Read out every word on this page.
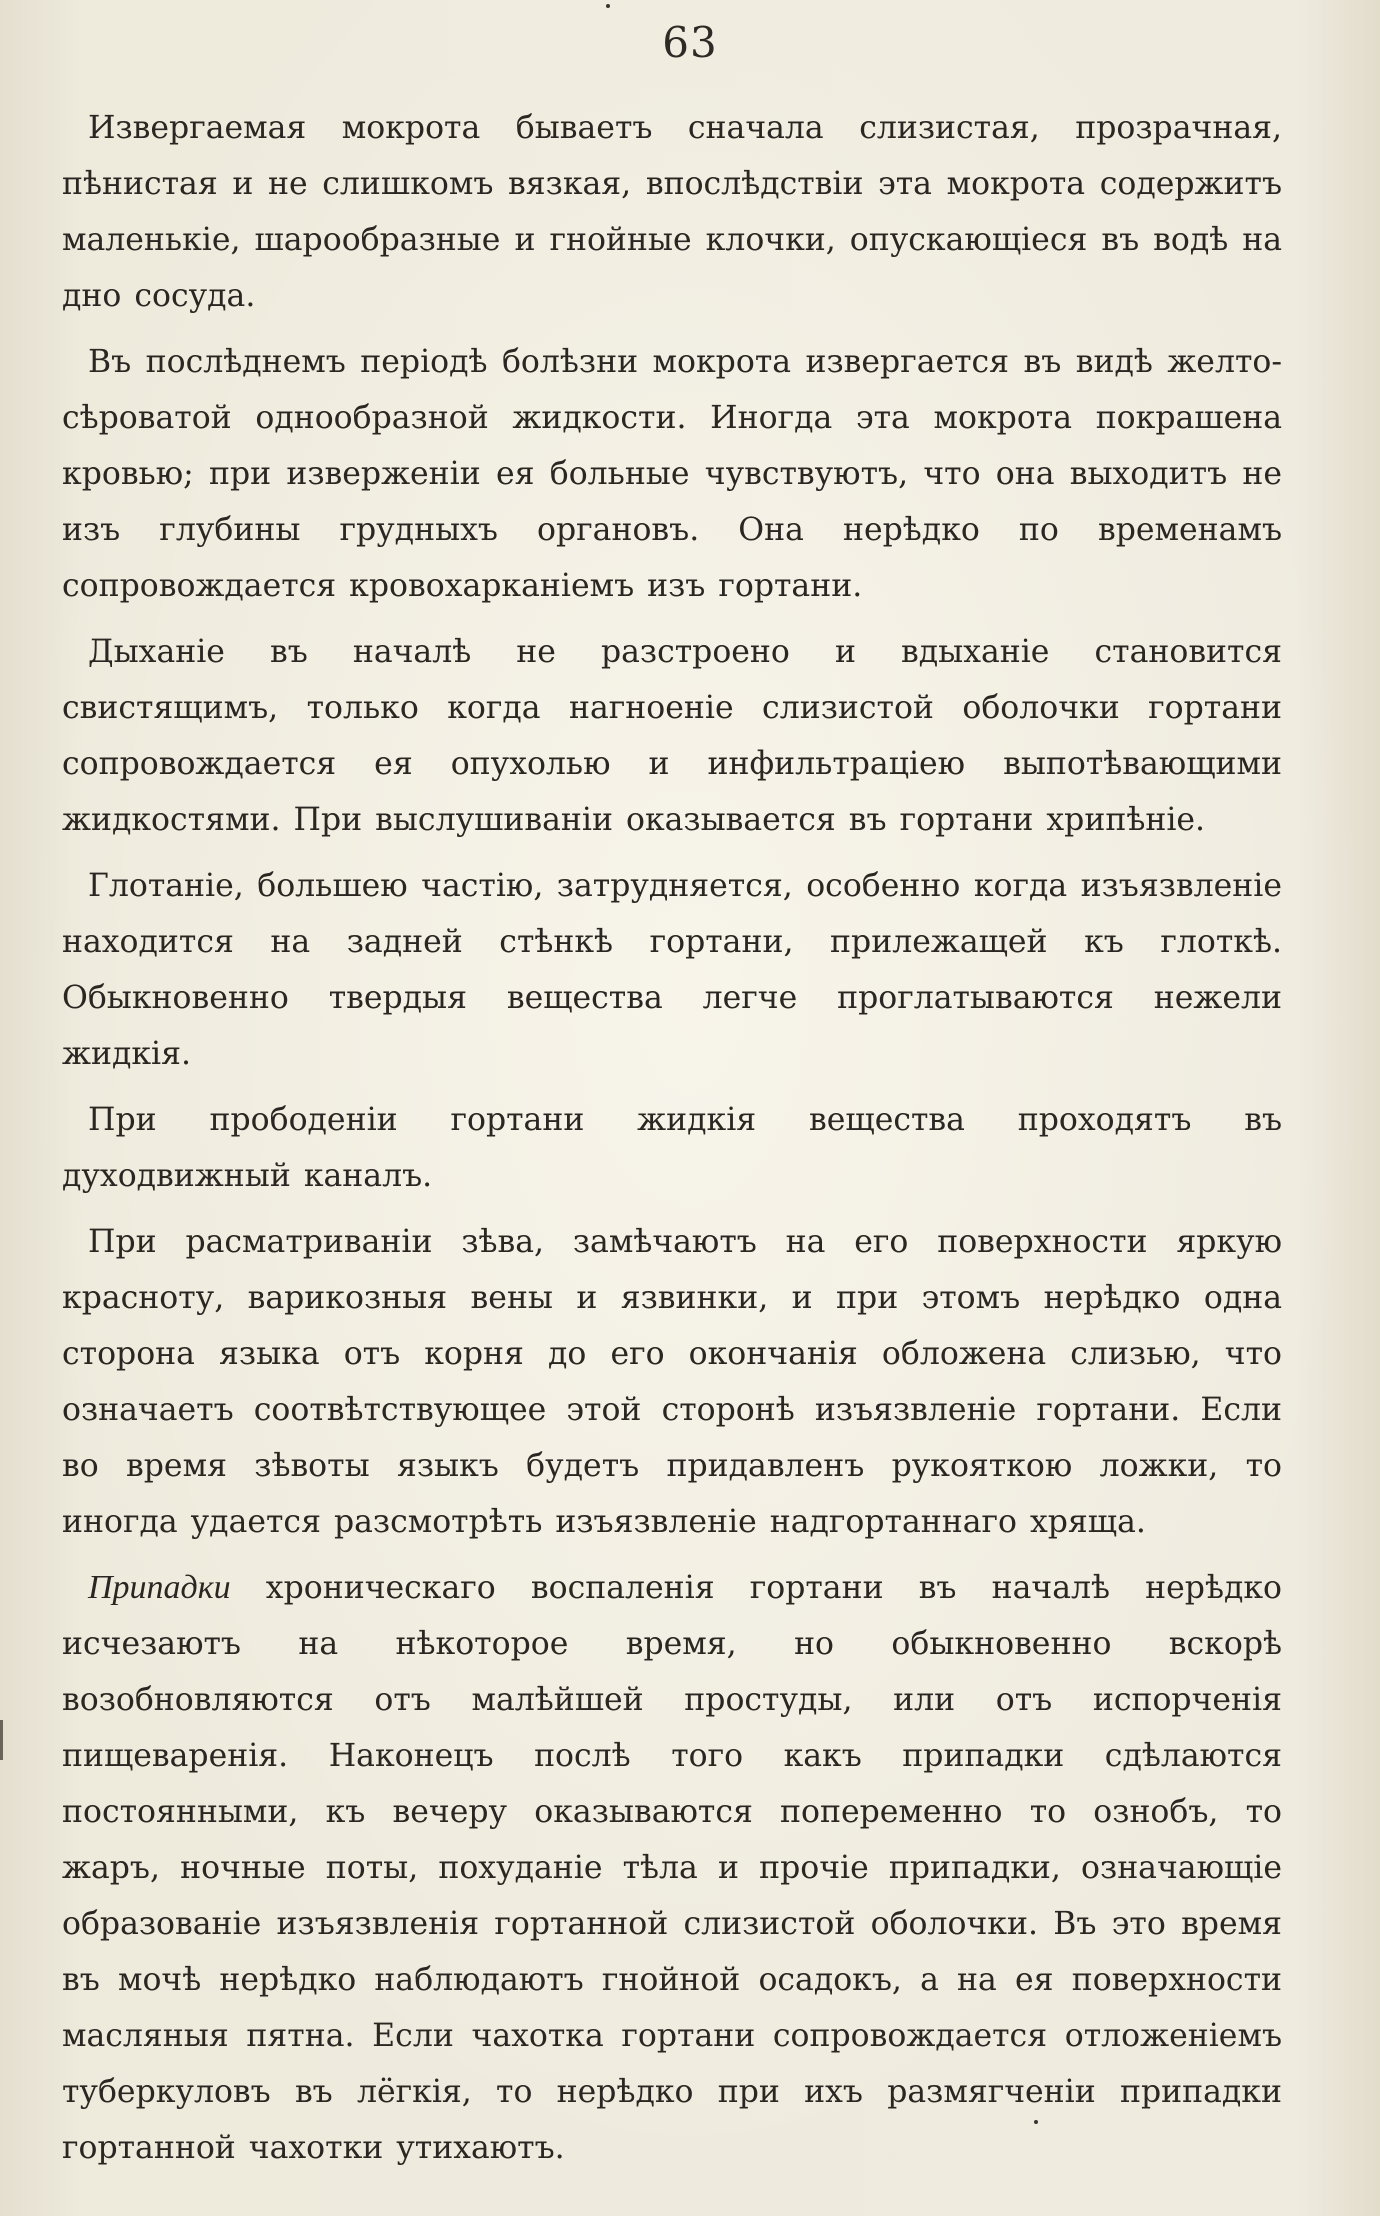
63

Извергаемая мокрота бываетъ сначала слизистая, прозрачная, пѣнистая и не слишкомъ вязкая, впослѣдствіи эта мокрота содержитъ маленькіе, шарообразные и гнойные клочки, опускающіеся въ водѣ на дно сосуда.

Въ послѣднемъ періодѣ болѣзни мокрота извергается въ видѣ желто-сѣроватой однообразной жидкости. Иногда эта мокрота покрашена кровью; при изверженіи ея больные чувствуютъ, что она выходитъ не изъ глубины грудныхъ органовъ. Она нерѣдко по временамъ сопровождается кровохарканіемъ изъ гортани.

Дыханіе въ началѣ не разстроено и вдыханіе становится свистящимъ, только когда нагноеніе слизистой оболочки гортани сопровождается ея опухолью и инфильтраціею выпотѣвающими жидкостями. При выслушиваніи оказывается въ гортани хрипѣніе.

Глотаніе, большею частію, затрудняется, особенно когда изъязвленіе находится на задней стѣнкѣ гортани, прилежащей къ глоткѣ. Обыкновенно твердыя вещества легче проглатываются нежели жидкія.

При прободеніи гортани жидкія вещества проходятъ въ духодвижный каналъ.

При расматриваніи зѣва, замѣчаютъ на его поверхности яркую красноту, варикозныя вены и язвинки, и при этомъ нерѣдко одна сторона языка отъ корня до его окончанія обложена слизью, что означаетъ соотвѣтствующее этой сторонѣ изъязвленіе гортани. Если во время зѣвоты языкъ будетъ придавленъ рукояткою ложки, то иногда удается разсмотрѣть изъязвленіе надгортаннаго хряща.

Припадки хроническаго воспаленія гортани въ началѣ нерѣдко исчезаютъ на нѣкоторое время, но обыкновенно вскорѣ возобновляются отъ малѣйшей простуды, или отъ испорченія пищеваренія. Наконецъ послѣ того какъ припадки сдѣлаются постоянными, къ вечеру оказываются попеременно то ознобъ, то жаръ, ночные поты, похуданіе тѣла и прочіе припадки, означающіе образованіе изъязвленія гортанной слизистой оболочки. Въ это время въ мочѣ нерѣдко наблюдаютъ гнойной осадокъ, а на ея поверхности масляныя пятна. Если чахотка гортани сопровождается отложеніемъ туберкуловъ въ лёгкія, то нерѣдко при ихъ размягченіи припадки гортанной чахотки утихаютъ.
